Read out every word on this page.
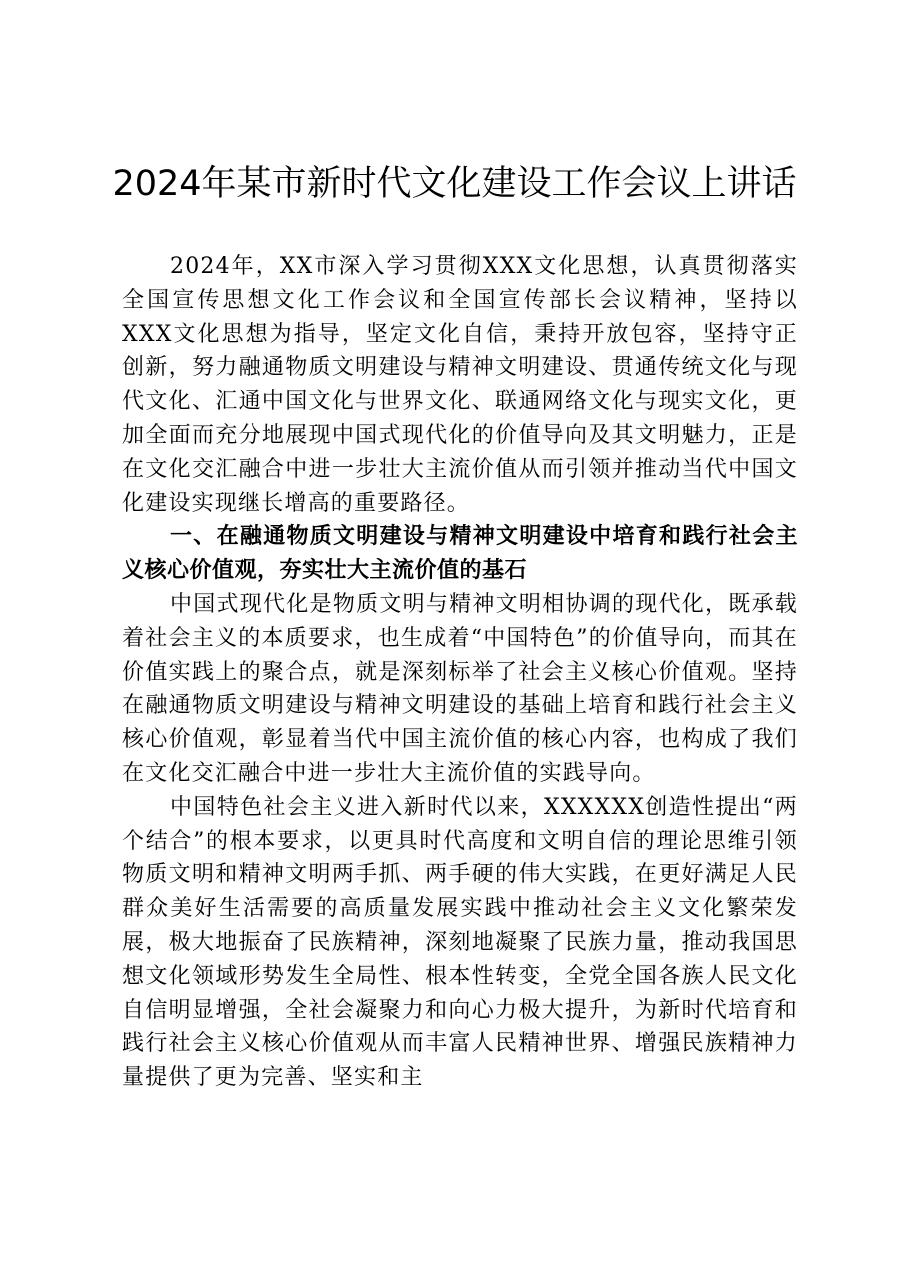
2024年某市新时代文化建设工作会议上讲话

2024年，XX市深入学习贯彻XXX文化思想，认真贯彻落实全国宣传思想文化工作会议和全国宣传部长会议精神，坚持以XXX文化思想为指导，坚定文化自信，秉持开放包容，坚持守正创新，努力融通物质文明建设与精神文明建设、贯通传统文化与现代文化、汇通中国文化与世界文化、联通网络文化与现实文化，更加全面而充分地展现中国式现代化的价值导向及其文明魅力，正是在文化交汇融合中进一步壮大主流价值从而引领并推动当代中国文化建设实现继长增高的重要路径。

一、在融通物质文明建设与精神文明建设中培育和践行社会主义核心价值观，夯实壮大主流价值的基石

中国式现代化是物质文明与精神文明相协调的现代化，既承载着社会主义的本质要求，也生成着“中国特色”的价值导向，而其在价值实践上的聚合点，就是深刻标举了社会主义核心价值观。坚持在融通物质文明建设与精神文明建设的基础上培育和践行社会主义核心价值观，彰显着当代中国主流价值的核心内容，也构成了我们在文化交汇融合中进一步壮大主流价值的实践导向。

中国特色社会主义进入新时代以来，XXXXXX创造性提出“两个结合”的根本要求，以更具时代高度和文明自信的理论思维引领物质文明和精神文明两手抓、两手硬的伟大实践，在更好满足人民群众美好生活需要的高质量发展实践中推动社会主义文化繁荣发展，极大地振奋了民族精神，深刻地凝聚了民族力量，推动我国思想文化领域形势发生全局性、根本性转变，全党全国各族人民文化自信明显增强，全社会凝聚力和向心力极大提升，为新时代培育和践行社会主义核心价值观从而丰富人民精神世界、增强民族精神力量提供了更为完善、坚实和主
